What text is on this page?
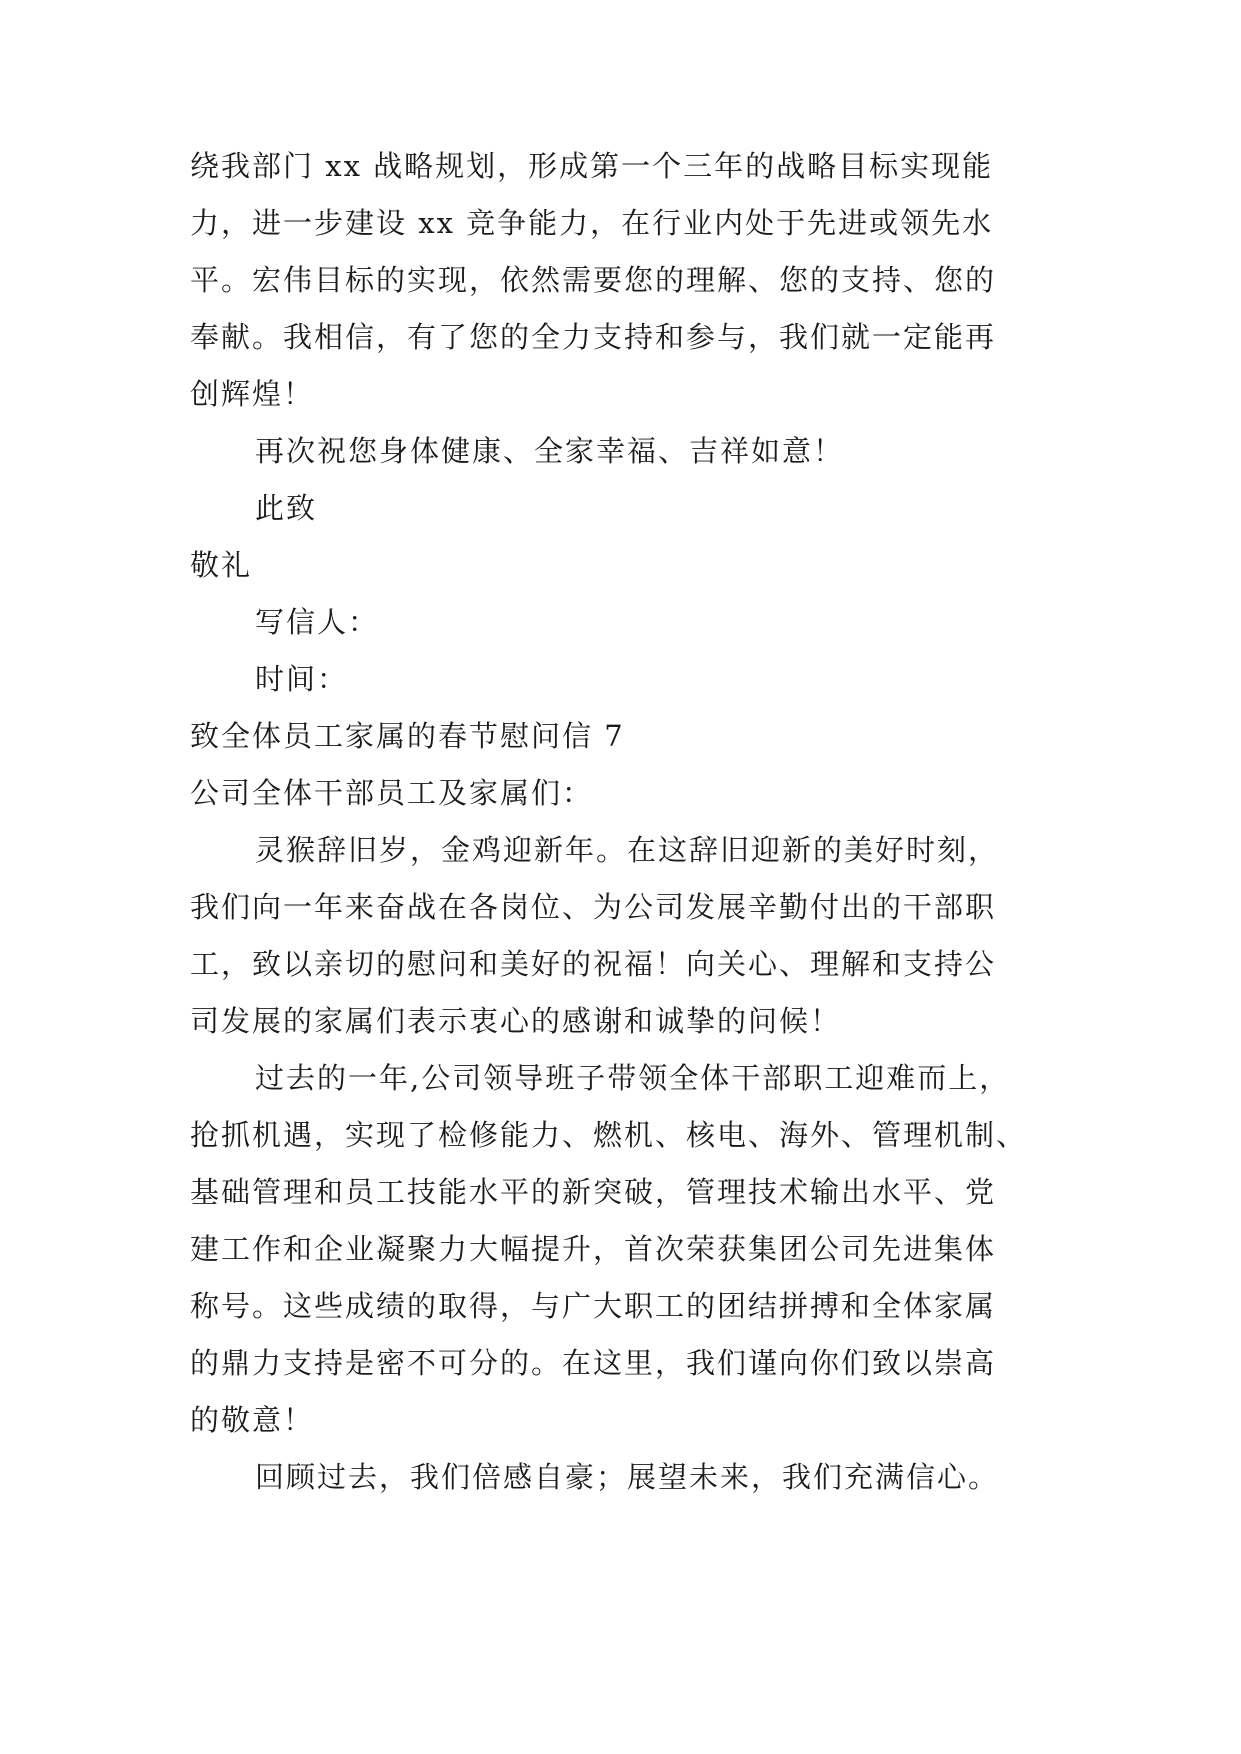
绕我部门 xx 战略规划，形成第一个三年的战略目标实现能
力，进一步建设 xx 竞争能力，在行业内处于先进或领先水
平。宏伟目标的实现，依然需要您的理解、您的支持、您的
奉献。我相信，有了您的全力支持和参与，我们就一定能再
创辉煌！
再次祝您身体健康、全家幸福、吉祥如意！
此致
敬礼
写信人：
时间：
致全体员工家属的春节慰问信 7
公司全体干部员工及家属们：
灵猴辞旧岁，金鸡迎新年。在这辞旧迎新的美好时刻，
我们向一年来奋战在各岗位、为公司发展辛勤付出的干部职
工，致以亲切的慰问和美好的祝福！向关心、理解和支持公
司发展的家属们表示衷心的感谢和诚挚的问候！
过去的一年,公司领导班子带领全体干部职工迎难而上，
抢抓机遇，实现了检修能力、燃机、核电、海外、管理机制、
基础管理和员工技能水平的新突破，管理技术输出水平、党
建工作和企业凝聚力大幅提升，首次荣获集团公司先进集体
称号。这些成绩的取得，与广大职工的团结拼搏和全体家属
的鼎力支持是密不可分的。在这里，我们谨向你们致以崇高
的敬意！
回顾过去，我们倍感自豪；展望未来，我们充满信心。
